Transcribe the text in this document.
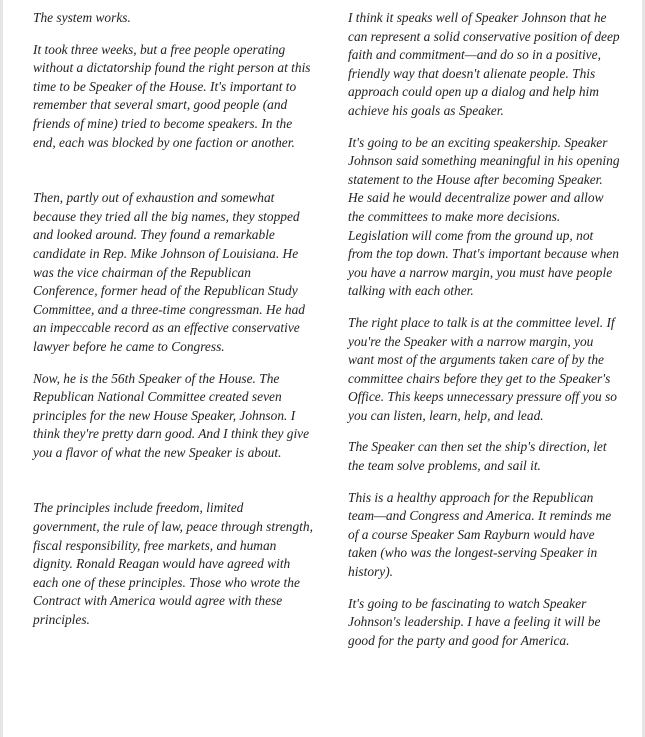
The system works.

It took three weeks, but a free people operating without a dictatorship found the right person at this time to be Speaker of the House. It's important to remember that several smart, good people (and friends of mine) tried to become speakers. In the end, each was blocked by one faction or another.

Then, partly out of exhaustion and somewhat because they tried all the big names, they stopped and looked around. They found a remarkable candidate in Rep. Mike Johnson of Louisiana. He was the vice chairman of the Republican Conference, former head of the Republican Study Committee, and a three-time congressman. He had an impeccable record as an effective conservative lawyer before he came to Congress.

Now, he is the 56th Speaker of the House. The Republican National Committee created seven principles for the new House Speaker, Johnson. I think they're pretty darn good. And I think they give you a flavor of what the new Speaker is about.

The principles include freedom, limited government, the rule of law, peace through strength, fiscal responsibility, free markets, and human dignity. Ronald Reagan would have agreed with each one of these principles. Those who wrote the Contract with America would agree with these principles.

I think it speaks well of Speaker Johnson that he can represent a solid conservative position of deep faith and commitment—and do so in a positive, friendly way that doesn't alienate people. This approach could open up a dialog and help him achieve his goals as Speaker.

It's going to be an exciting speakership. Speaker Johnson said something meaningful in his opening statement to the House after becoming Speaker. He said he would decentralize power and allow the committees to make more decisions. Legislation will come from the ground up, not from the top down. That's important because when you have a narrow margin, you must have people talking with each other.

The right place to talk is at the committee level. If you're the Speaker with a narrow margin, you want most of the arguments taken care of by the committee chairs before they get to the Speaker's Office. This keeps unnecessary pressure off you so you can listen, learn, help, and lead.

The Speaker can then set the ship's direction, let the team solve problems, and sail it.

This is a healthy approach for the Republican team—and Congress and America. It reminds me of a course Speaker Sam Rayburn would have taken (who was the longest-serving Speaker in history).

It's going to be fascinating to watch Speaker Johnson's leadership. I have a feeling it will be good for the party and good for America.
